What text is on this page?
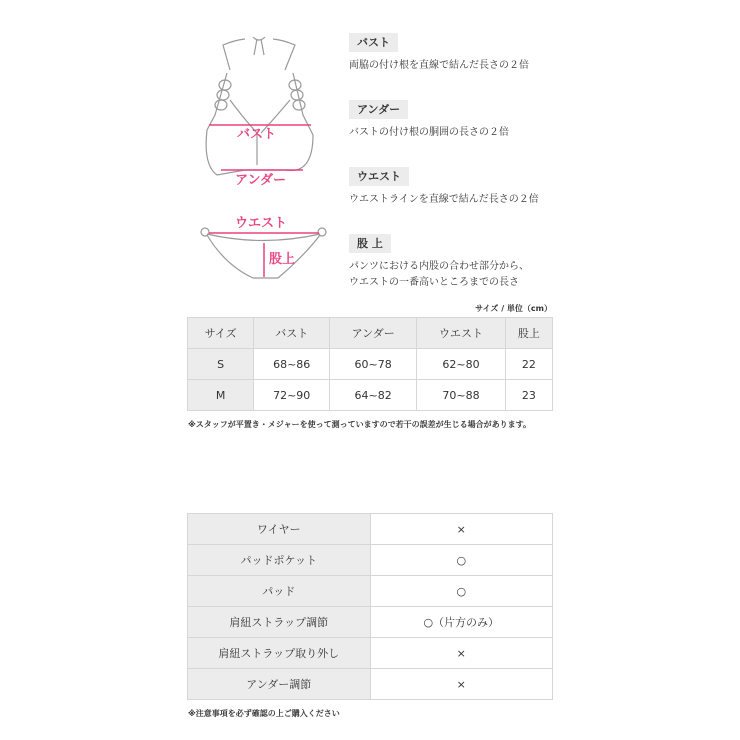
バスト
アンダー
ウエスト
股上
バスト
両脇の付け根を直線で結んだ長さの２倍
アンダー
バストの付け根の胴囲の長さの２倍
ウエスト
ウエストラインを直線で結んだ長さの２倍
股 上
パンツにおける内股の合わせ部分から、
ウエストの一番高いところまでの長さ
サイズ / 単位（cm）
サイズ	バスト	アンダー	ウエスト	股上
S	68~86	60~78	62~80	22
M	72~90	64~82	70~88	23
※スタッフが平置き・メジャーを使って測っていますので若干の誤差が生じる場合があります。
ワイヤー	×
パッドポケット	○
パッド	○
肩紐ストラップ調節	○（片方のみ）
肩紐ストラップ取り外し	×
アンダー調節	×
※注意事項を必ず確認の上ご購入ください
